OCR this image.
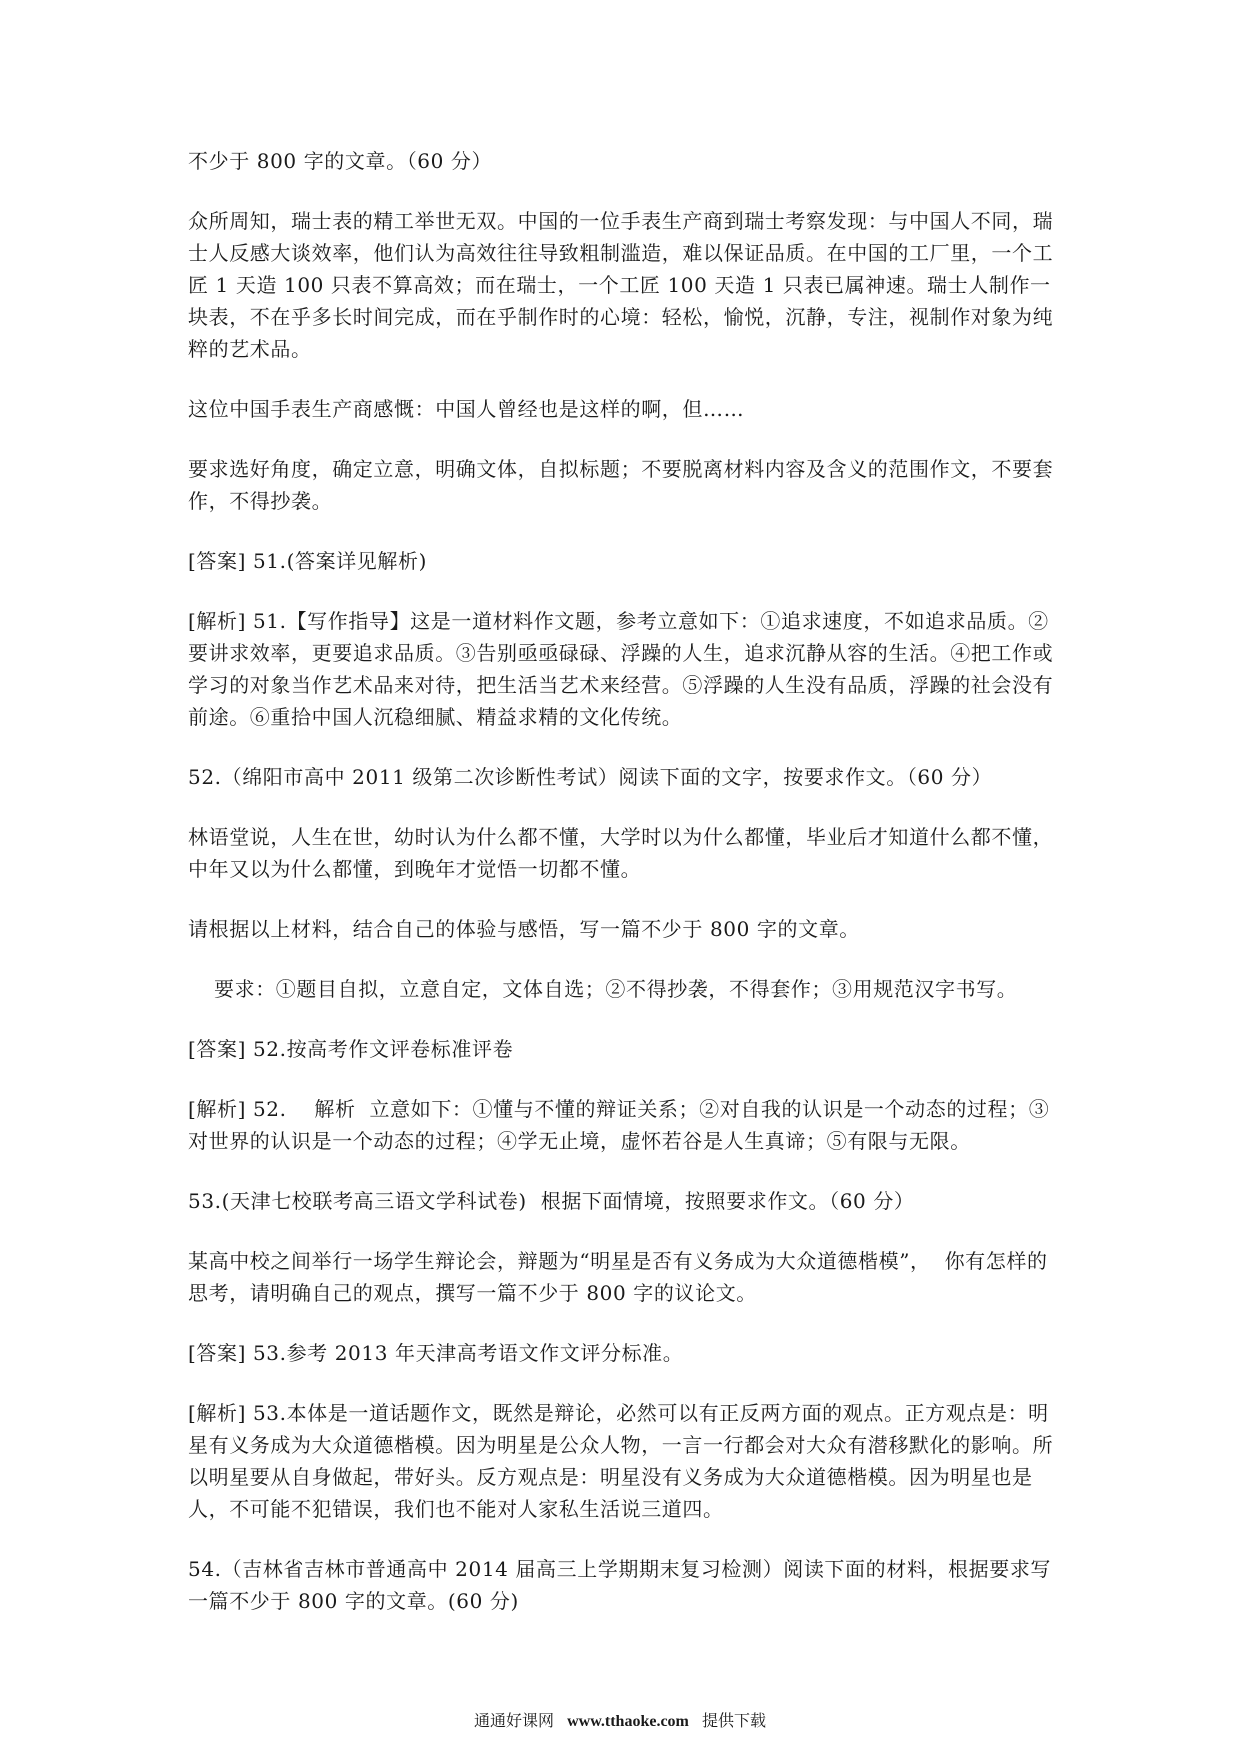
不少于 800 字的文章。（60 分）

众所周知，瑞士表的精工举世无双。中国的一位手表生产商到瑞士考察发现：与中国人不同，瑞士人反感大谈效率，他们认为高效往往导致粗制滥造，难以保证品质。在中国的工厂里，一个工匠 1 天造 100 只表不算高效；而在瑞士，一个工匠 100 天造 1 只表已属神速。瑞士人制作一块表，不在乎多长时间完成，而在乎制作时的心境：轻松，愉悦，沉静，专注，视制作对象为纯粹的艺术品。

这位中国手表生产商感慨：中国人曾经也是这样的啊，但……

要求选好角度，确定立意，明确文体，自拟标题；不要脱离材料内容及含义的范围作文，不要套作，不得抄袭。

[答案] 51.(答案详见解析)

[解析] 51.【写作指导】这是一道材料作文题，参考立意如下：①追求速度，不如追求品质。②要讲求效率，更要追求品质。③告别亟亟碌碌、浮躁的人生，追求沉静从容的生活。④把工作或学习的对象当作艺术品来对待，把生活当艺术来经营。⑤浮躁的人生没有品质，浮躁的社会没有前途。⑥重拾中国人沉稳细腻、精益求精的文化传统。

52.（绵阳市高中 2011 级第二次诊断性考试）阅读下面的文字，按要求作文。（60 分）

林语堂说，人生在世，幼时认为什么都不懂，大学时以为什么都懂，毕业后才知道什么都不懂，中年又以为什么都懂，到晚年才觉悟一切都不懂。

请根据以上材料，结合自己的体验与感悟，写一篇不少于 800 字的文章。

要求：①题目自拟，立意自定，文体自选；②不得抄袭，不得套作；③用规范汉字书写。

[答案] 52.按高考作文评卷标准评卷

[解析] 52.    解析  立意如下：①懂与不懂的辩证关系；②对自我的认识是一个动态的过程；③对世界的认识是一个动态的过程；④学无止境，虚怀若谷是人生真谛；⑤有限与无限。

53.(天津七校联考高三语文学科试卷)  根据下面情境，按照要求作文。（60 分）

某高中校之间举行一场学生辩论会，辩题为“明星是否有义务成为大众道德楷模”，  你有怎样的思考，请明确自己的观点，撰写一篇不少于 800 字的议论文。

[答案] 53.参考 2013 年天津高考语文作文评分标准。

[解析] 53.本体是一道话题作文，既然是辩论，必然可以有正反两方面的观点。正方观点是：明星有义务成为大众道德楷模。因为明星是公众人物，一言一行都会对大众有潜移默化的影响。所以明星要从自身做起，带好头。反方观点是：明星没有义务成为大众道德楷模。因为明星也是人，不可能不犯错误，我们也不能对人家私生活说三道四。

54.（吉林省吉林市普通高中 2014 届高三上学期期末复习检测）阅读下面的材料，根据要求写一篇不少于 800 字的文章。(60 分)

通通好课网 www.tthaoke.com 提供下载
